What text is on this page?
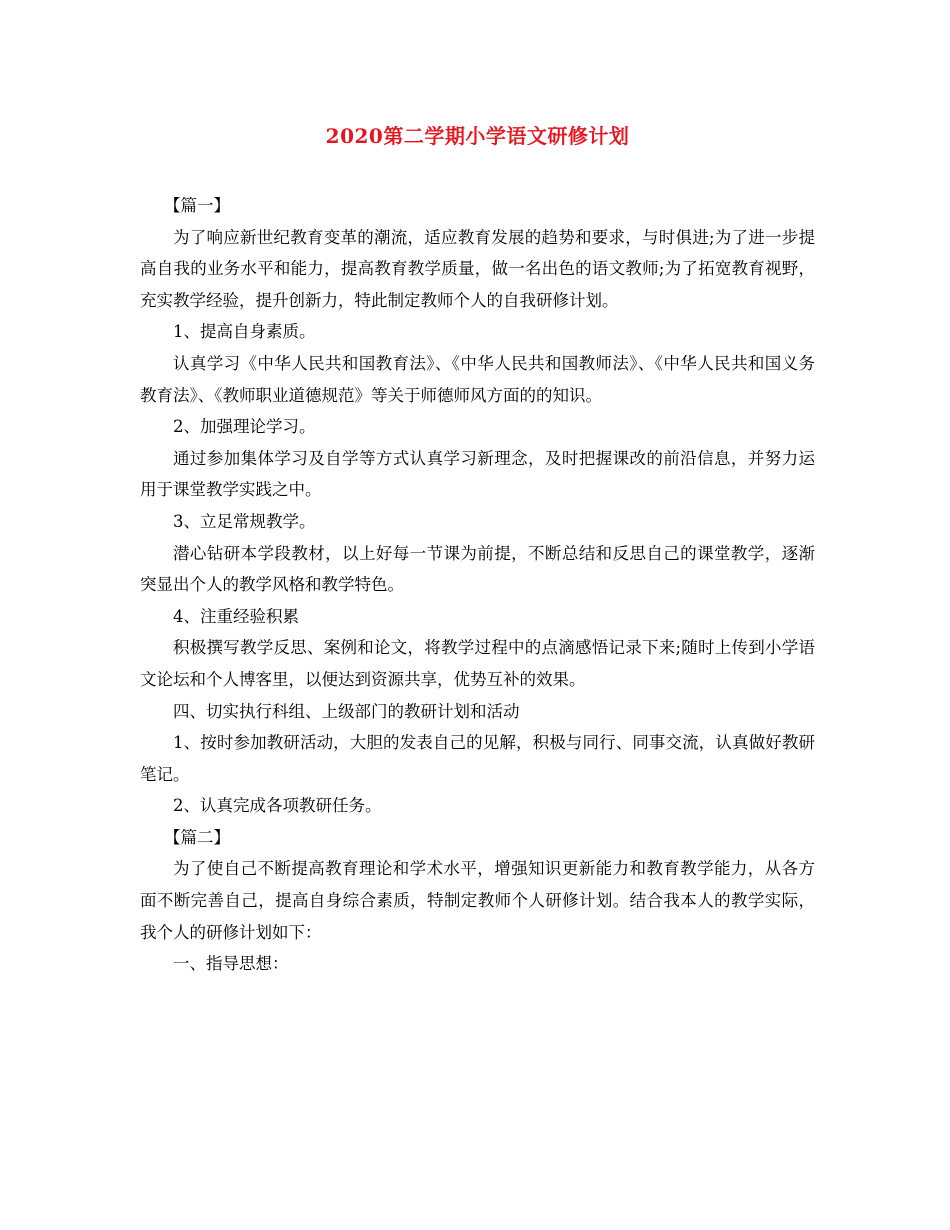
2020第二学期小学语文研修计划

【篇一】

为了响应新世纪教育变革的潮流，适应教育发展的趋势和要求，与时俱进;为了进一步提高自我的业务水平和能力，提高教育教学质量，做一名出色的语文教师;为了拓宽教育视野，充实教学经验，提升创新力，特此制定教师个人的自我研修计划。

1、提高自身素质。

认真学习《中华人民共和国教育法》、《中华人民共和国教师法》、《中华人民共和国义务教育法》、《教师职业道德规范》等关于师德师风方面的的知识。

2、加强理论学习。

通过参加集体学习及自学等方式认真学习新理念，及时把握课改的前沿信息，并努力运用于课堂教学实践之中。

3、立足常规教学。

潜心钻研本学段教材，以上好每一节课为前提，不断总结和反思自己的课堂教学，逐渐突显出个人的教学风格和教学特色。

4、注重经验积累

积极撰写教学反思、案例和论文，将教学过程中的点滴感悟记录下来;随时上传到小学语文论坛和个人博客里，以便达到资源共享，优势互补的效果。

四、切实执行科组、上级部门的教研计划和活动

1、按时参加教研活动，大胆的发表自己的见解，积极与同行、同事交流，认真做好教研笔记。

2、认真完成各项教研任务。

【篇二】

为了使自己不断提高教育理论和学术水平，增强知识更新能力和教育教学能力，从各方面不断完善自己，提高自身综合素质，特制定教师个人研修计划。结合我本人的教学实际，我个人的研修计划如下：

一、指导思想：
